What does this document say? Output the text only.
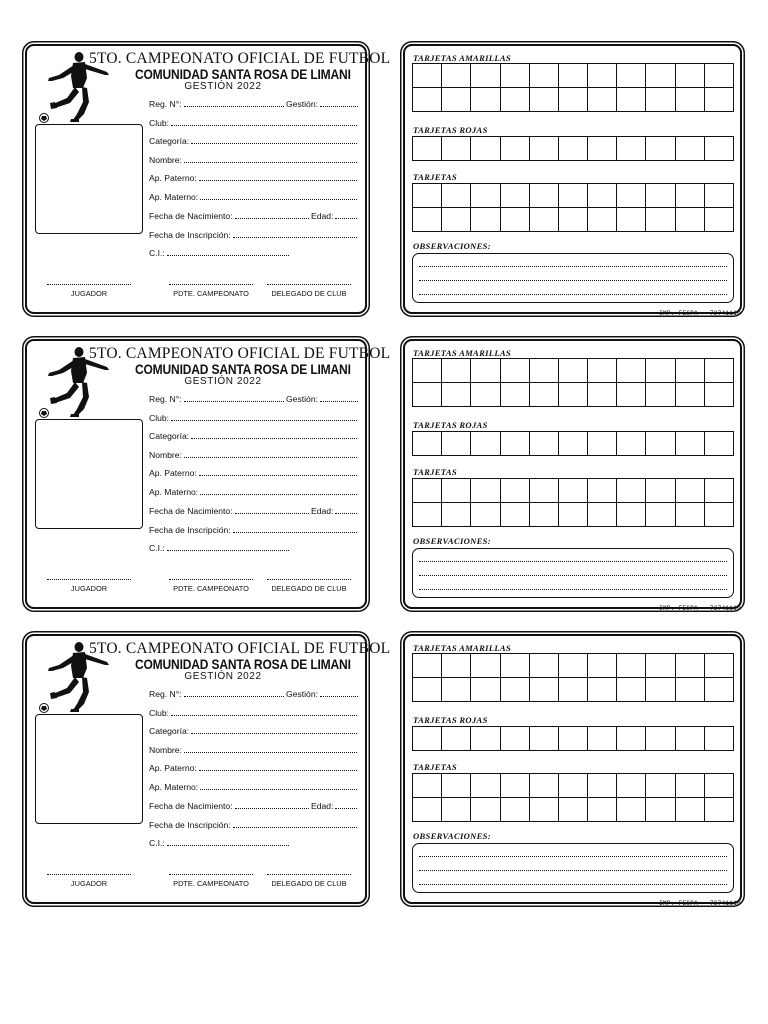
5TO. CAMPEONATO OFICIAL DE FUTBOL
COMUNIDAD SANTA ROSA DE LIMANI
GESTIÓN 2022
Reg. N°:	Gestión:
Club:
Categoría:
Nombre:
Ap. Paterno:
Ap. Materno:
Fecha de Nacimiento:	Edad:
Fecha de Inscripción:
C.I.:
JUGADOR	PDTE. CAMPEONATO	DELEGADO DE CLUB
TARJETAS AMARILLAS
TARJETAS ROJAS
TARJETAS
OBSERVACIONES:
IMP. FESPA - 73741110
5TO. CAMPEONATO OFICIAL DE FUTBOL
COMUNIDAD SANTA ROSA DE LIMANI
GESTIÓN 2022
Reg. N°:	Gestión:
Club:
Categoría:
Nombre:
Ap. Paterno:
Ap. Materno:
Fecha de Nacimiento:	Edad:
Fecha de Inscripción:
C.I.:
JUGADOR	PDTE. CAMPEONATO	DELEGADO DE CLUB
TARJETAS AMARILLAS
TARJETAS ROJAS
TARJETAS
OBSERVACIONES:
IMP. FESPA - 73741110
5TO. CAMPEONATO OFICIAL DE FUTBOL
COMUNIDAD SANTA ROSA DE LIMANI
GESTIÓN 2022
Reg. N°:	Gestión:
Club:
Categoría:
Nombre:
Ap. Paterno:
Ap. Materno:
Fecha de Nacimiento:	Edad:
Fecha de Inscripción:
C.I.:
JUGADOR	PDTE. CAMPEONATO	DELEGADO DE CLUB
TARJETAS AMARILLAS
TARJETAS ROJAS
TARJETAS
OBSERVACIONES:
IMP. FESPA - 73741110
